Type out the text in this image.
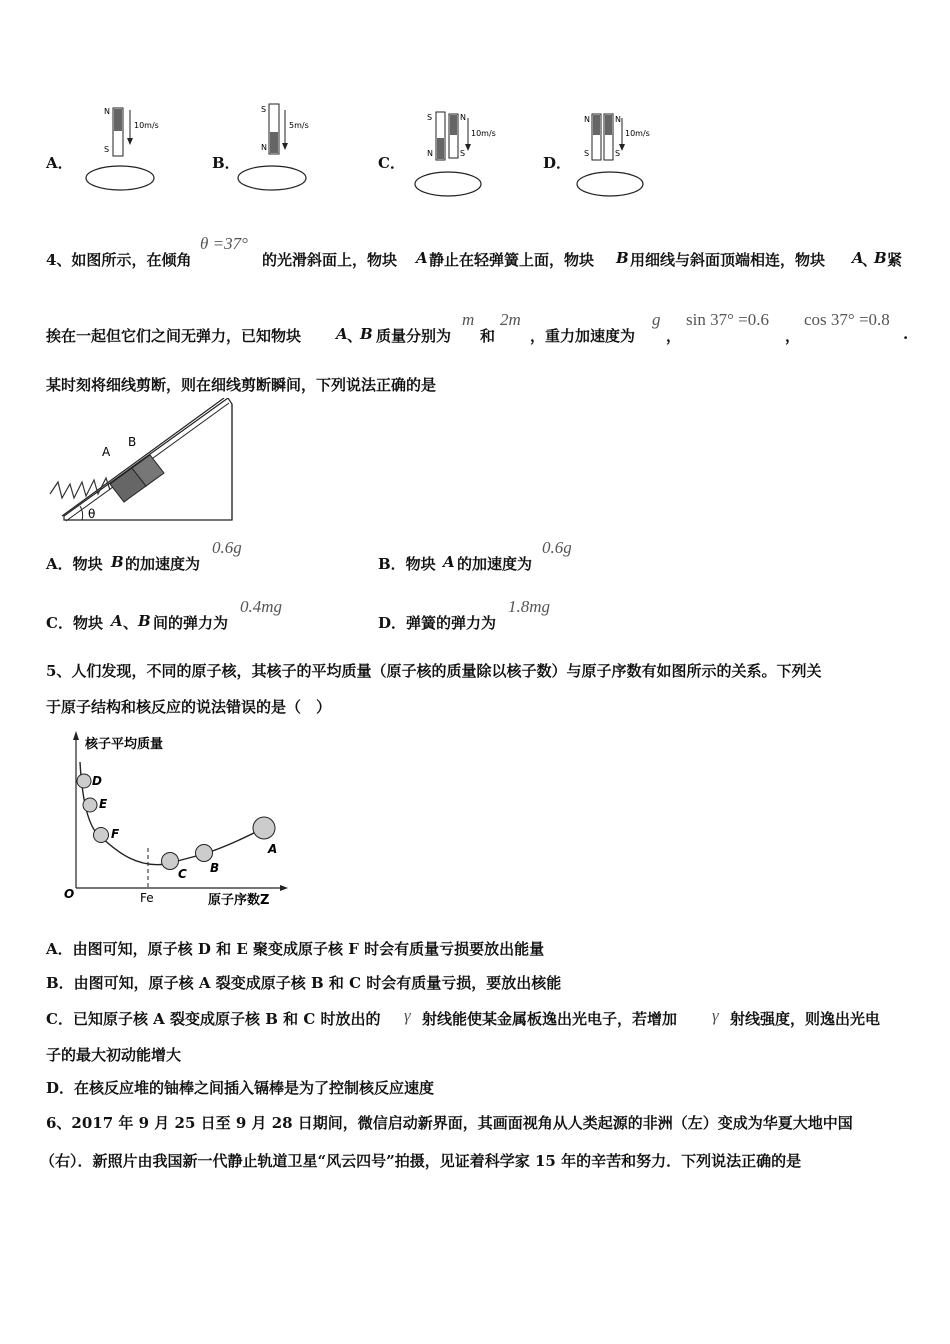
A．
N
S
10m/s
B．
S
N
5m/s
C．
S
N
N
S
10m/s
D．
N
S
N
S
10m/s
4、如图所示，在倾角
θ =37°
的光滑斜面上，物块 A 静止在轻弹簧上面，物块 B 用细线与斜面顶端相连，物块 A
、
B 紧
挨在一起但它们之间无弹力，已知物块 A 、
B 质量分别为
m
和
2m
，重力加速度为
g
，
sin 37° =0.6
，
cos 37° =0.8
.
某时刻将细线剪断，则在细线剪断瞬间，下列说法正确的是
A
B
θ
A．物块 B 的加速度为
0.6g
B．物块 A 的加速度为
0.6g
C．物块 A 、 B 间的弹力为
0.4mg
D．弹簧的弹力为
1.8mg
5、人们发现，不同的原子核，其核子的平均质量（原子核的质量除以核子数）与原子序数有如图所示的关系。下列关
于原子结构和核反应的说法错误的是（　）
核子平均质量
原子序数Z
O	Fe
D
E
F
C B
A
A．由图可知，原子核 D 和 E 聚变成原子核 F 时会有质量亏损要放出能量
B．由图可知，原子核 A 裂变成原子核 B 和 C 时会有质量亏损，要放出核能
C．已知原子核 A 裂变成原子核 B 和 C 时放出的 γ 射线能使某金属板逸出光电子，若增加 γ 射线强度，则逸出光电
子的最大初动能增大
D．在核反应堆的铀棒之间插入镉棒是为了控制核反应速度
6、2017 年 9 月 25 日至 9 月 28 日期间，微信启动新界面，其画面视角从人类起源的非洲（左）变成为华夏大地中国
（右）．新照片由我国新一代静止轨道卫星“风云四号”拍摄，见证着科学家 15 年的辛苦和努力．下列说法正确的是
